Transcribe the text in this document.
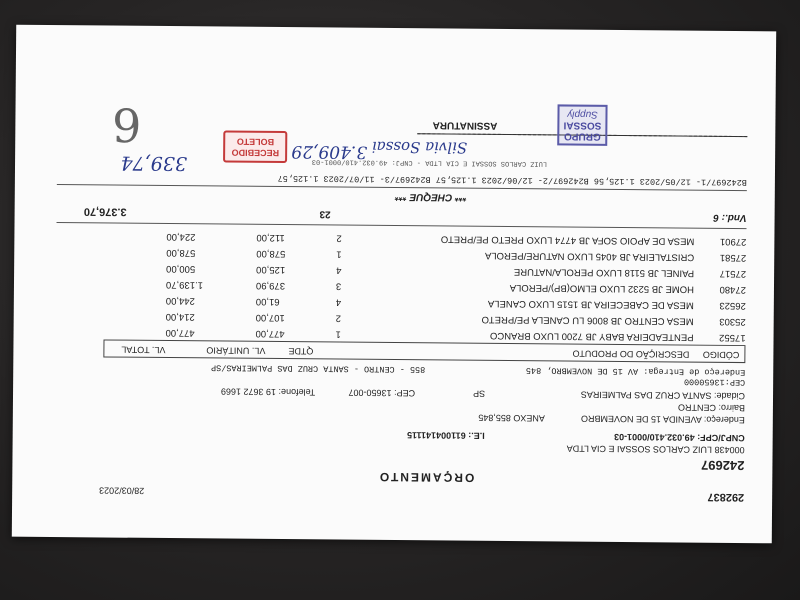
292837
28/03/2023
ORÇAMENTO
242697
000438 LUIZ CARLOS SOSSAI E CIA LTDA
CNPJ/CPF: 49.032.410/0001-03
I.E.: 611004141115
Endereço: AVENIDA 15 DE NOVEMBRO
ANEXO 855,845
Bairro: CENTRO
Cidade: SANTA CRUZ DAS PALMEIRAS
SP
CEP: 13650-007
Telefone: 19 3672 1669
CEP:13650000
Endereço de Entrega: AV 15 DE NOVEMBRO, 845
855 - CENTRO - SANTA CRUZ DAS PALMEIRAS/SP
CÓDIGO
DESCRIÇÃO DO PRODUTO
QTDE
VL. UNITÁRIO
VL. TOTAL
17552
PENTEADEIRA BABY JB 7200 LUXO BRANCO
1
477,00
477,00
25303
MESA CENTRO JB 8006 LU CANELA PE/PRETO
2
107,00
214,00
26523
MESA DE CABECEIRA JB 1515 LUXO CANELA
4
61,00
244,00
27480
HOME JB 5232 LUXO ELMO(BP)/PEROLA
3
379,90
1.139,70
27517
PAINEL JB 5118 LUXO PEROLA/NATURE
4
125,00
500,00
27581
CRISTALEIRA JB 4045 LUXO NATURE/PEROLA
1
578,00
578,00
27901
MESA DE APOIO SOFA JB 4774 LUXO PRETO PE/PRETO
2
112,00
224,00
Vnd.: 6
23
3.376,70
*** CHEQUE ***
B242697/1- 12/05/2023 1.125,56 B242697/2- 12/06/2023 1.125,57 B242697/3- 11/07/2023 1.125,57
ASSINATURA
GRUPO
SOSSAI
Supply
LUIZ CARLOS SOSSAI E CIA LTDA - CNPJ: 49.032.410/0001-03
RECEBIDO
BOLETO	Silvia Sossai
3.409,29
339,74
6
